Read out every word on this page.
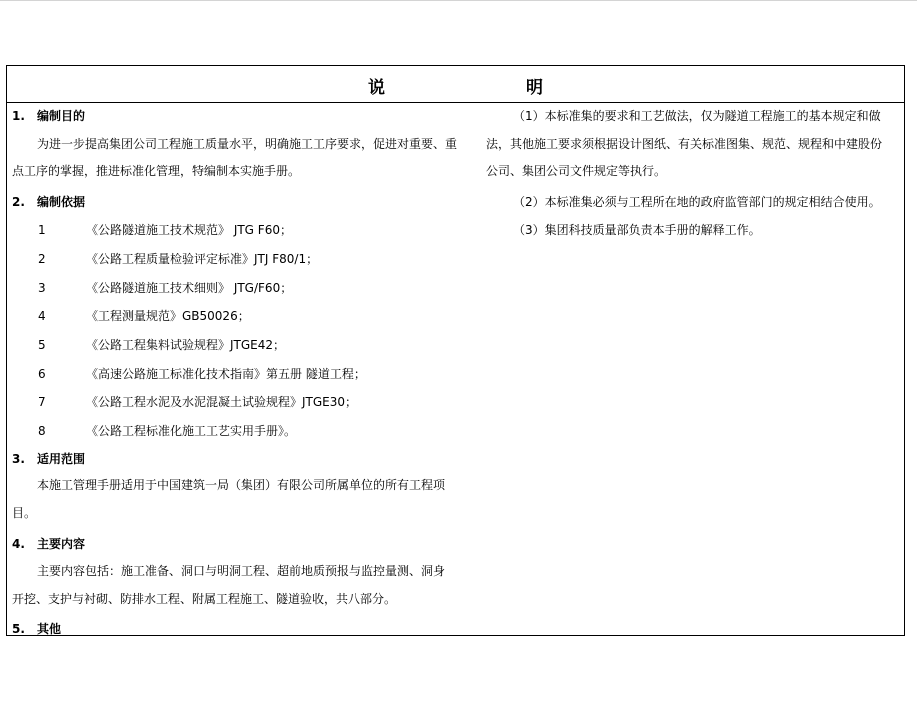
说　明
1. 编制目的
为进一步提高集团公司工程施工质量水平，明确施工工序要求，促进对重要、重
点工序的掌握，推进标准化管理，特编制本实施手册。
2. 编制依据
1	《公路隧道施工技术规范》 JTG F60；
2	《公路工程质量检验评定标准》JTJ F80/1；
3	《公路隧道施工技术细则》 JTG/F60；
4	《工程测量规范》GB50026；
5	《公路工程集料试验规程》JTGE42；
6	《高速公路施工标准化技术指南》第五册 隧道工程；
7	《公路工程水泥及水泥混凝土试验规程》JTGE30；
8	《公路工程标准化施工工艺实用手册》。
3. 适用范围
本施工管理手册适用于中国建筑一局（集团）有限公司所属单位的所有工程项
目。
4. 主要内容
主要内容包括：施工准备、洞口与明洞工程、超前地质预报与监控量测、洞身
开挖、支护与衬砌、防排水工程、附属工程施工、隧道验收，共八部分。
5. 其他
（1）本标准集的要求和工艺做法，仅为隧道工程施工的基本规定和做
法，其他施工要求须根据设计图纸、有关标准图集、规范、规程和中建股份
公司、集团公司文件规定等执行。
（2）本标准集必须与工程所在地的政府监管部门的规定相结合使用。
（3）集团科技质量部负责本手册的解释工作。
